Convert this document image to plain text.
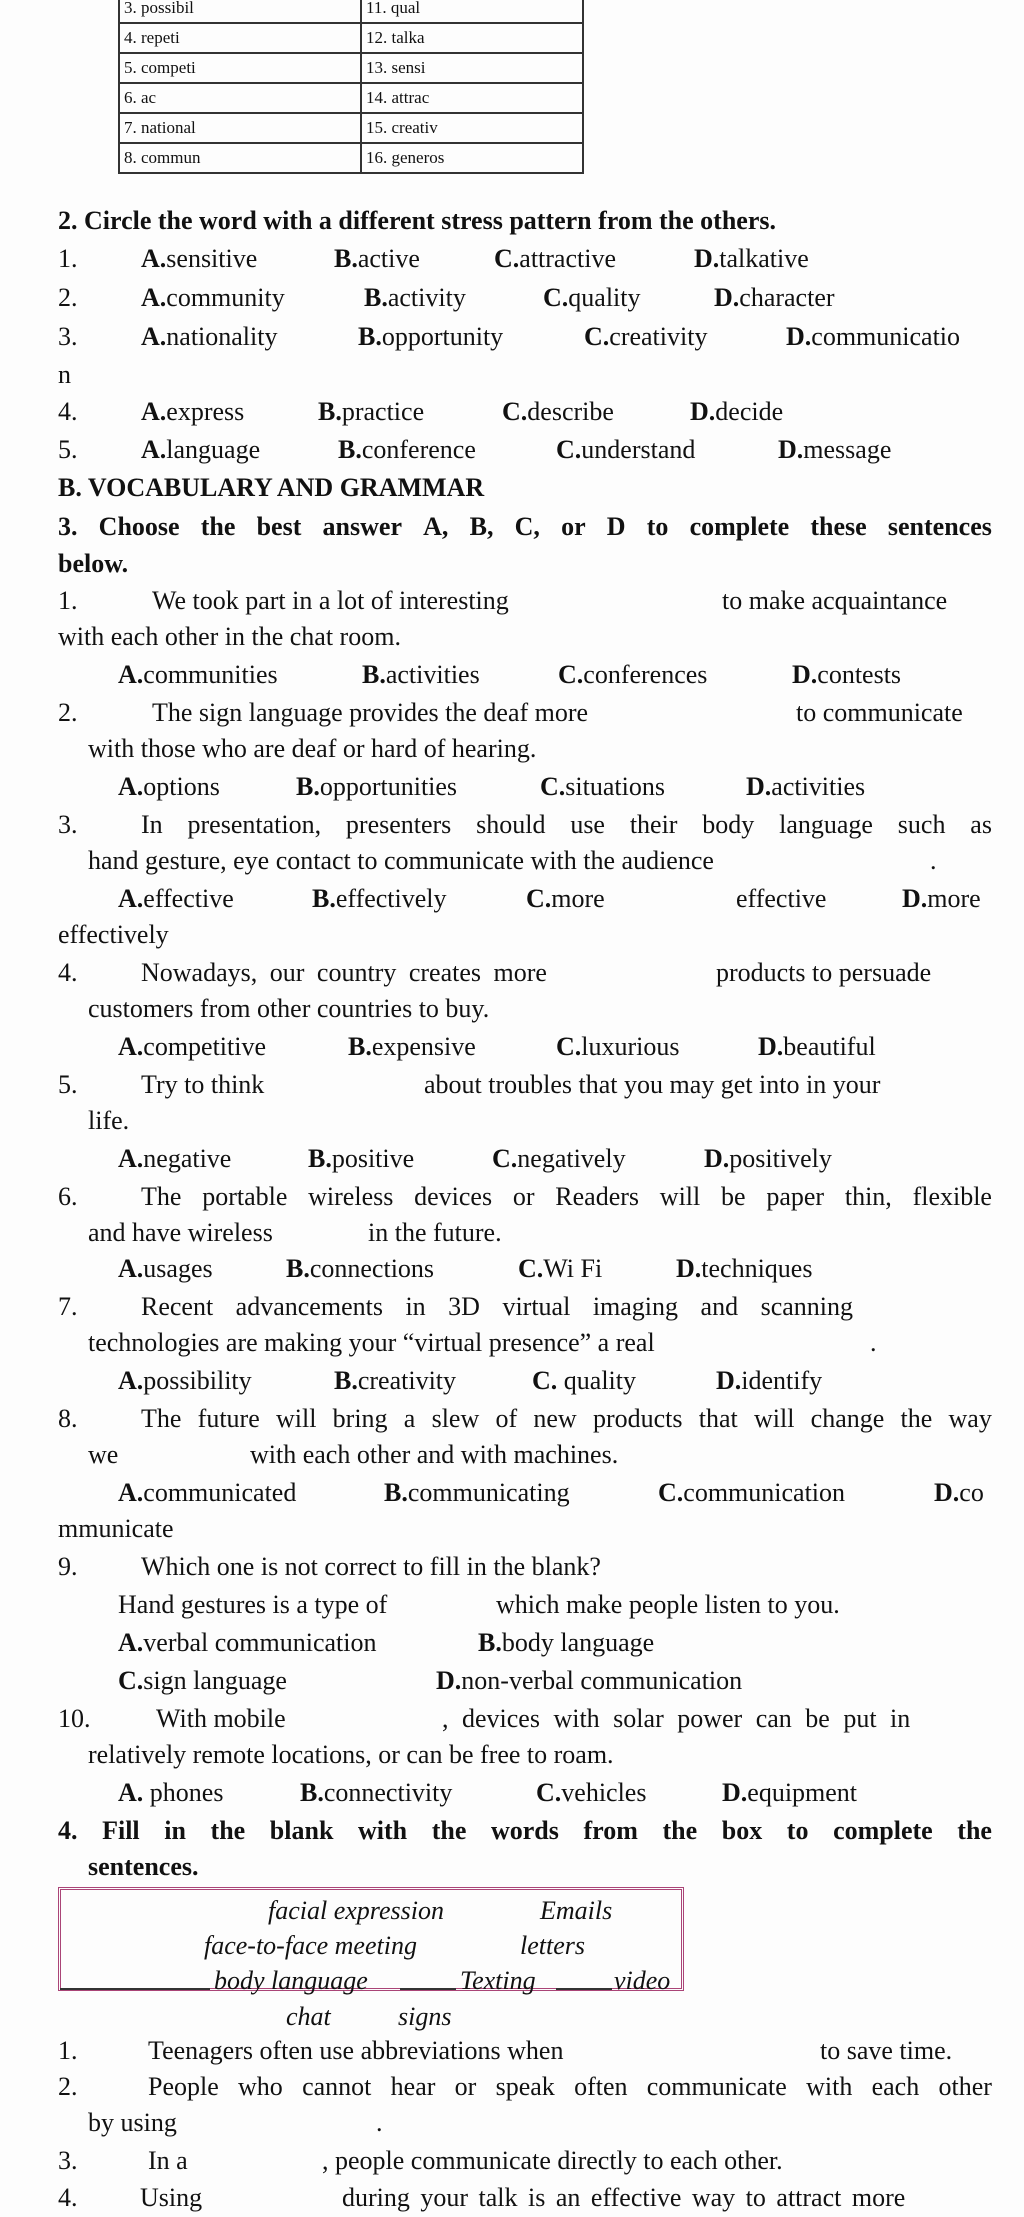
3. possibil	11. qual
4. repeti	12. talka
5. competi	13. sensi
6. ac	14. attrac
7. national	15. creativ
8. commun	16. generos
2. Circle the word with a different stress pattern from the others.
1. A.sensitive	B.active	C.attractive	D.talkative
2. A.community	B.activity	C.quality	D.character
3. A.nationality	B.opportunity	C.creativity	D.communicatio
n
4. A.express	B.practice	C.describe	D.decide
5. A.language	B.conference	C.understand	D.message
B. VOCABULARY AND GRAMMAR
3. Choose the best answer A, B, C, or D to complete these sentences
below.
1.	We took part in a lot of interesting	to make acquaintance
with each other in the chat room.
A.communities	B.activities	C.conferences	D.contests
2.	The sign language provides the deaf more	to communicate
with those who are deaf or hard of hearing.
A.options	B.opportunities	C.situations	D.activities
3. In presentation, presenters should use their body language such as
hand gesture, eye contact to communicate with the audience	.
A.effective	B.effectively	C.more	effective	D.more
effectively
4. Nowadays, our country creates more	products to persuade
customers from other countries to buy.
A.competitive	B.expensive	C.luxurious	D.beautiful
5. Try to think	about troubles that you may get into in your
life.
A.negative	B.positive	C.negatively	D.positively
6. The portable wireless devices or Readers will be paper thin, flexible
and have wireless	in the future.
A.usages	B.connections	C.Wi Fi	D.techniques
7. Recent advancements in 3D virtual imaging and scanning
technologies are making your “virtual presence” a real	.
A.possibility	B.creativity	C. quality	D.identify
8. The future will bring a slew of new products that will change the way
we	with each other and with machines.
A.communicated	B.communicating	C.communication	D.co
mmunicate
9. Which one is not correct to fill in the blank?
Hand gestures is a type of	which make people listen to you.
A.verbal communication	B.body language
C.sign language	D.non-verbal communication
10.	With mobile	, devices with solar power can be put in
relatively remote locations, or can be free to roam.
A. phones	B.connectivity	C.vehicles	D.equipment
4. Fill in the blank with the words from the box to complete the
sentences.
facial expression	Emails
face-to-face meeting	letters
body language	Texting	video
chat	signs
1.	Teenagers often use abbreviations when	to save time.
2.	People who cannot hear or speak often communicate with each other
by using	.
3.	In a	, people communicate directly to each other.
4. Using	during your talk is an effective way to attract more
